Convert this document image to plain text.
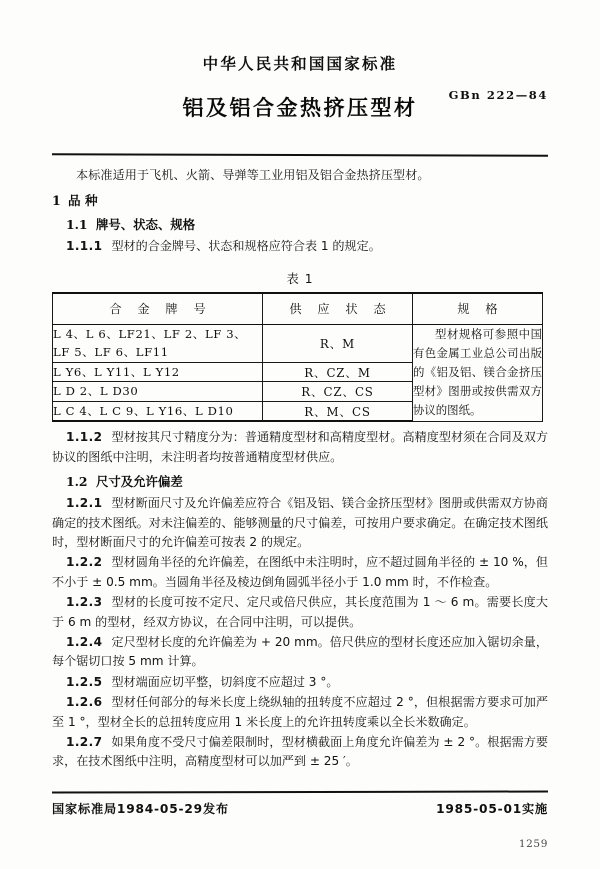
中华人民共和国国家标准
铝及铝合金热挤压型材
GBn 222—84

本标准适用于飞机、火箭、导弹等工业用铝及铝合金热挤压型材。

1 品 种
1.1 牌号、状态、规格

1.1.1 型材的合金牌号、状态和规格应符合表 1 的规定。

表 1
合 金 牌 号	供 应 状 态	规 格
L 4、L 6、LF21、LF 2、LF 3、LF 5、LF 6、LF11	R、M	型材规格可参照中国有色金属工业总公司出版的《铝及铝、镁合金挤压型材》图册或按供需双方协议的图纸。
L Y6、L Y11、L Y12	R、CZ、M	
L D 2、L D30	R、CZ、CS	
L C 4、L C 9、L Y16、L D10	R、M、CS	

1.1.2 型材按其尺寸精度分为：普通精度型材和高精度型材。高精度型材须在合同及双方协议的图纸中注明，未注明者均按普通精度型材供应。

1.2 尺寸及允许偏差

1.2.1 型材断面尺寸及允许偏差应符合《铝及铝、镁合金挤压型材》图册或供需双方协商确定的技术图纸。对未注偏差的、能够测量的尺寸偏差，可按用户要求确定。在确定技术图纸时，型材断面尺寸的允许偏差可按表 2 的规定。

1.2.2 型材圆角半径的允许偏差，在图纸中未注明时，应不超过圆角半径的 ± 10 %，但不小于 ± 0.5 mm。当圆角半径及棱边倒角圆弧半径小于 1.0 mm 时，不作检查。

1.2.3 型材的长度可按不定尺、定尺或倍尺供应，其长度范围为 1 ～ 6 m。需要长度大于 6 m 的型材，经双方协议，在合同中注明，可以提供。

1.2.4 定尺型材长度的允许偏差为 + 20 mm。倍尺供应的型材长度还应加入锯切余量，每个锯切口按 5 mm 计算。

1.2.5 型材端面应切平整，切斜度不应超过 3 °。

1.2.6 型材任何部分的每米长度上绕纵轴的扭转度不应超过 2 °，但根据需方要求可加严至 1 °，型材全长的总扭转度应用 1 米长度上的允许扭转度乘以全长米数确定。

1.2.7 如果角度不受尺寸偏差限制时，型材横截面上角度允许偏差为 ± 2 °。根据需方要求，在技术图纸中注明，高精度型材可以加严到 ± 25 ′。

国家标准局1984-05-29发布	1985-05-01实施
1259
